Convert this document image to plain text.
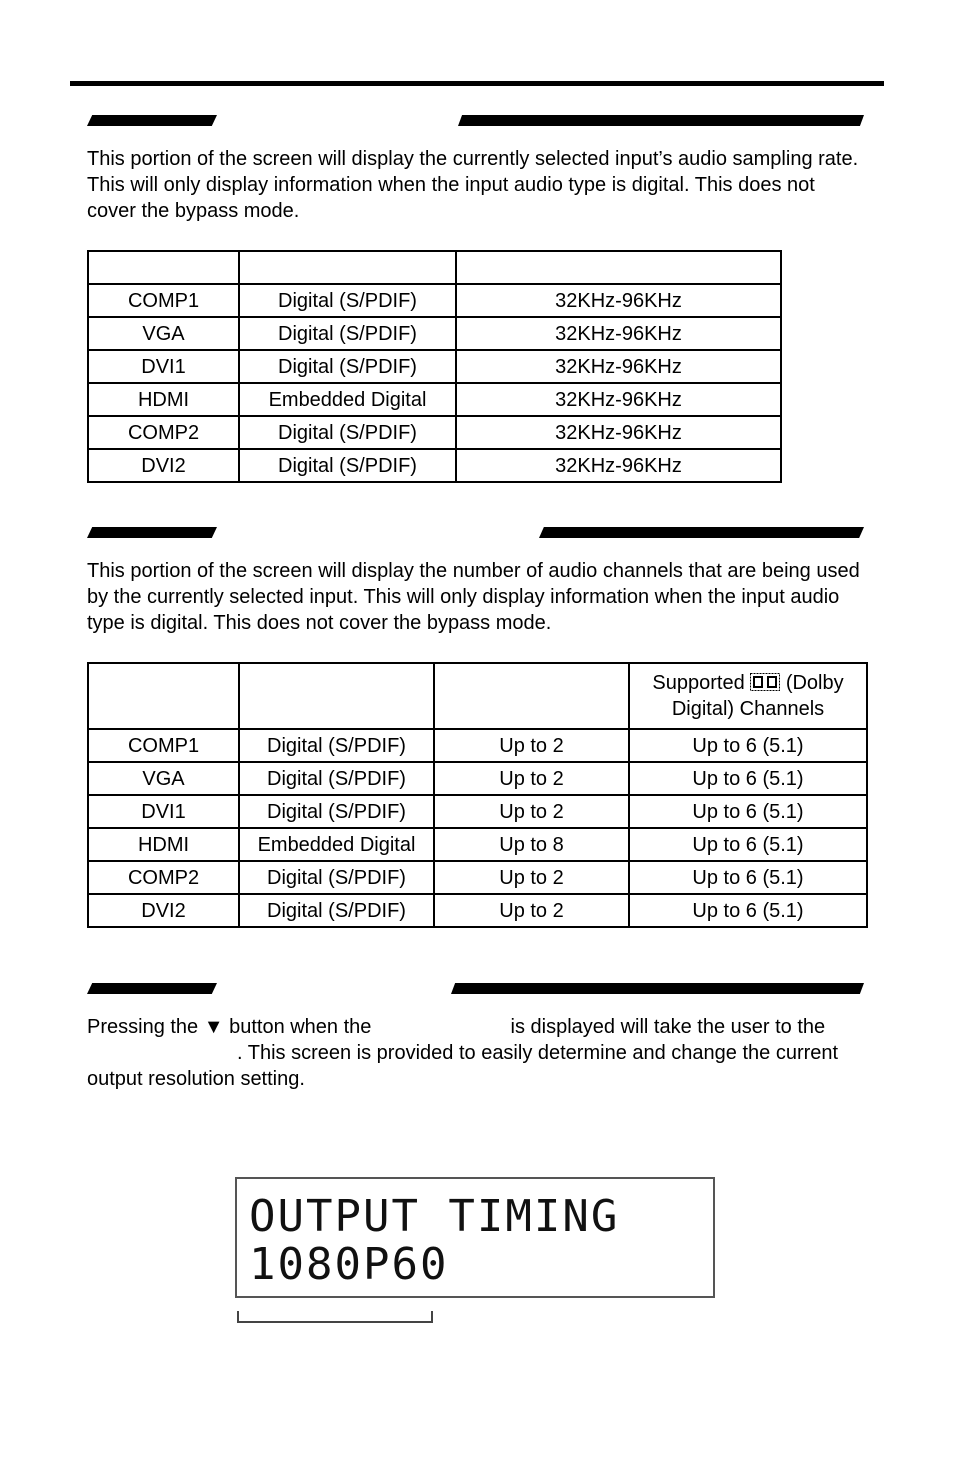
This portion of the screen will display the currently selected input’s audio sampling rate. This will only display information when the input audio type is digital. This does not cover the bypass mode.

COMP1	Digital (S/PDIF)	32KHz-96KHz
VGA	Digital (S/PDIF)	32KHz-96KHz
DVI1	Digital (S/PDIF)	32KHz-96KHz
HDMI	Embedded Digital	32KHz-96KHz
COMP2	Digital (S/PDIF)	32KHz-96KHz
DVI2	Digital (S/PDIF)	32KHz-96KHz

This portion of the screen will display the number of audio channels that are being used by the currently selected input. This will only display information when the input audio type is digital. This does not cover the bypass mode.

			Supported (Dolby Digital) Channels
COMP1	Digital (S/PDIF)	Up to 2	Up to 6 (5.1)
VGA	Digital (S/PDIF)	Up to 2	Up to 6 (5.1)
DVI1	Digital (S/PDIF)	Up to 2	Up to 6 (5.1)
HDMI	Embedded Digital	Up to 8	Up to 6 (5.1)
COMP2	Digital (S/PDIF)	Up to 2	Up to 6 (5.1)
DVI2	Digital (S/PDIF)	Up to 2	Up to 6 (5.1)

Pressing the ▼ button when the	is displayed will take the user to the . This screen is provided to easily determine and change the current output resolution setting.

OUTPUT TIMING
1080P60
